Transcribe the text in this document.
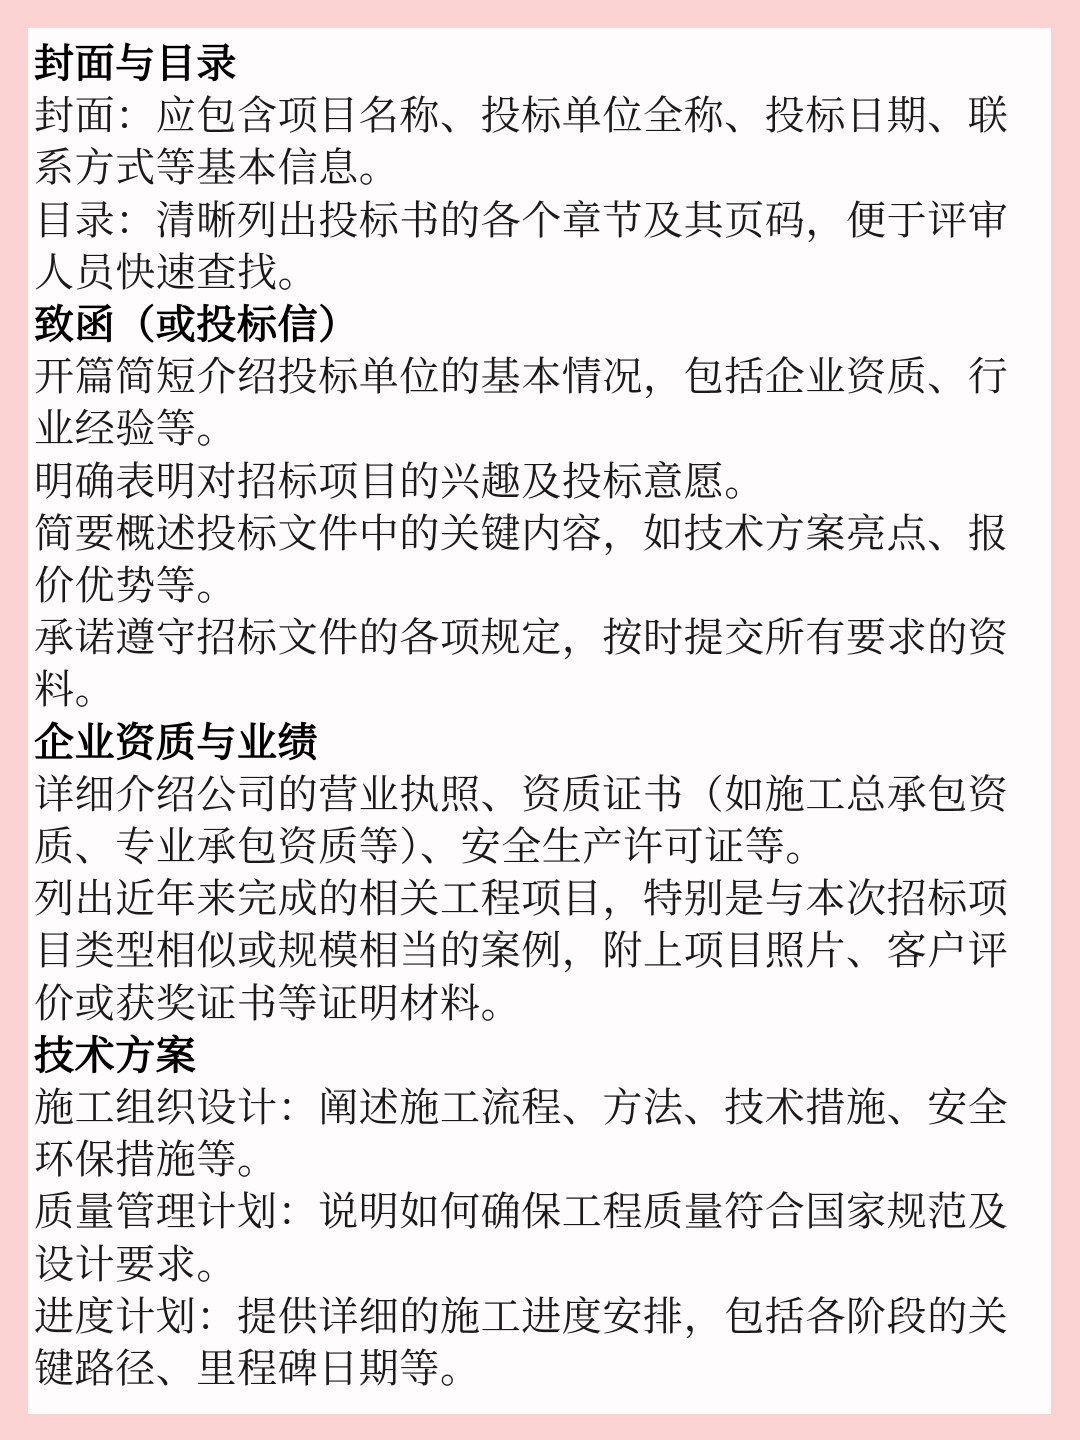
封面与目录

封面：应包含项目名称、投标单位全称、投标日期、联

系方式等基本信息。

目录：清晰列出投标书的各个章节及其页码，便于评审

人员快速查找。

致函（或投标信）

开篇简短介绍投标单位的基本情况，包括企业资质、行

业经验等。

明确表明对招标项目的兴趣及投标意愿。

简要概述投标文件中的关键内容，如技术方案亮点、报

价优势等。

承诺遵守招标文件的各项规定，按时提交所有要求的资

料。

企业资质与业绩

详细介绍公司的营业执照、资质证书（如施工总承包资

质、专业承包资质等）、安全生产许可证等。

列出近年来完成的相关工程项目，特别是与本次招标项

目类型相似或规模相当的案例，附上项目照片、客户评

价或获奖证书等证明材料。

技术方案

施工组织设计：阐述施工流程、方法、技术措施、安全

环保措施等。

质量管理计划：说明如何确保工程质量符合国家规范及

设计要求。

进度计划：提供详细的施工进度安排，包括各阶段的关

键路径、里程碑日期等。
